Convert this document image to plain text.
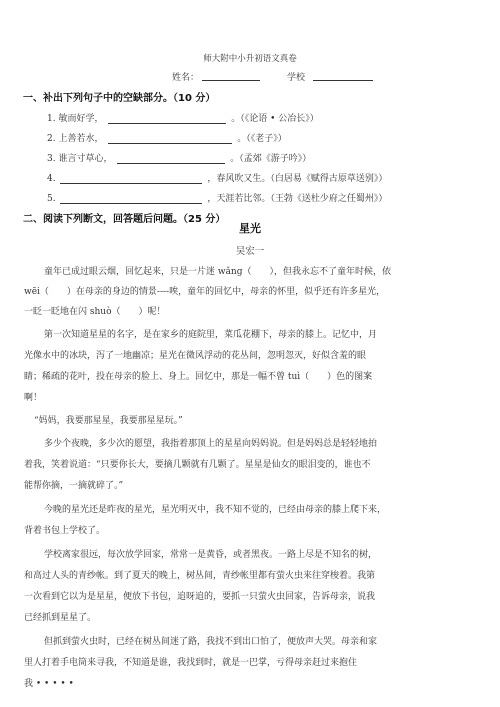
师大附中小升初语文真卷
姓名：	学校
一、补出下列句子中的空缺部分。（10 分）
1. 敏而好学，	。（《论语 • 公冶长》）
2. 上善若水，	。（《老子》）
3. 谁言寸草心，	。（孟郊《游子吟》）
4.	，春风吹又生。（白居易《赋得古原草送别》）
5.	，天涯若比邻。（王勃《送杜少府之任蜀州》）
二、阅读下列断文，回答题后问题。（25 分）
星光
吴宏一
童年已成过眼云烟，回忆起来，只是一片迷 wǎng（　　），但我永忘不了童年时候，依
wēi（　　）在母亲的身边的情景----唉，童年的回忆中，母亲的怀里，似乎还有许多星光，
一眨一眨地在闪 shuò（　　）呢！
第一次知道星星的名字，是在家乡的庭院里，菜瓜花棚下，母亲的膝上。记忆中，月
光像水中的冰块，泻了一地幽凉；星光在微风浮动的花丛间，忽明忽灭，好似含羞的眼
睛；稀疏的花叶，投在母亲的脸上、身上。回忆中，那是一幅不曾 tuì（　　）色的图案
啊！
“妈妈，我要那星星，我要那星星玩。”
多少个夜晚，多少次的愿望，我指着那顶上的星星向妈妈说。但是妈妈总是轻轻地拍
着我，笑着说道：“只要你长大，要摘几颗就有几颗了。星星是仙女的眼泪变的，谁也不
能帮你摘，一摘就碎了。”
今晚的星光还是昨夜的星光，星光明灭中，我不知不觉的，已经由母亲的膝上爬下来，
背着书包上学校了。
学校离家很远，每次放学回家，常常一是黄昏，或者黑夜。一路上尽是不知名的树，
和高过人头的青纱帐。到了夏天的晚上，树丛间，青纱帐里都有萤火虫来往穿梭着。我第
一次看到它以为是星星，便放下书包，追呀追的，要抓一只萤火虫回家，告诉母亲，说我
已经抓到星星了。
但抓到萤火虫时，已经在树丛间迷了路，我找不到出口怕了，便放声大哭。母亲和家
里人打着手电筒来寻我，不知道是谁，我找到时，就是一巴掌，亏得母亲赶过来抱住
我 • • • • •
